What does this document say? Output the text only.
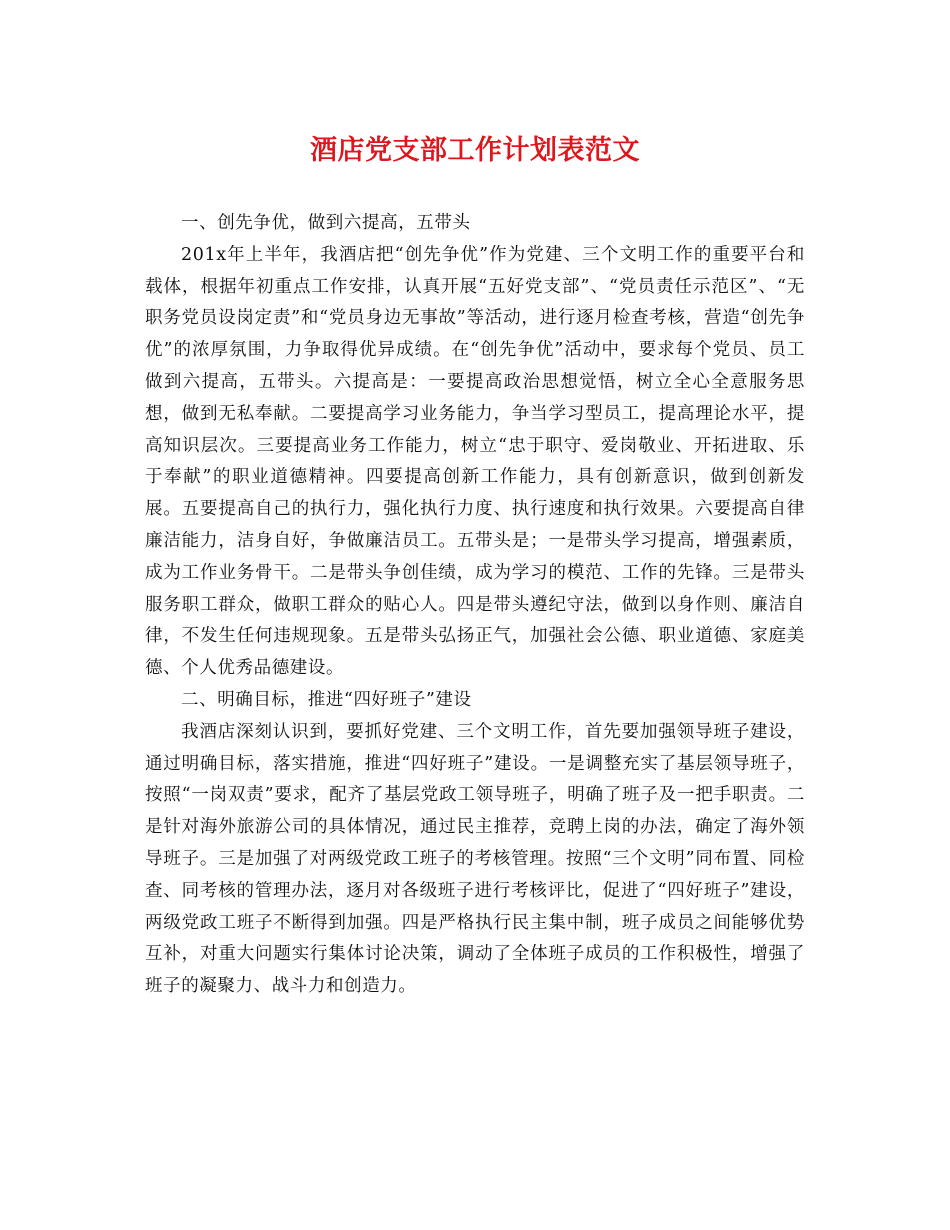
酒店党支部工作计划表范文

一、创先争优，做到六提高，五带头

201x年上半年，我酒店把“创先争优”作为党建、三个文明工作的重要平台和载体，根据年初重点工作安排，认真开展“五好党支部”、“党员责任示范区”、“无职务党员设岗定责”和“党员身边无事故”等活动，进行逐月检查考核，营造“创先争优”的浓厚氛围，力争取得优异成绩。在“创先争优”活动中，要求每个党员、员工做到六提高，五带头。六提高是：一要提高政治思想觉悟，树立全心全意服务思想，做到无私奉献。二要提高学习业务能力，争当学习型员工，提高理论水平，提高知识层次。三要提高业务工作能力，树立“忠于职守、爱岗敬业、开拓进取、乐于奉献”的职业道德精神。四要提高创新工作能力，具有创新意识，做到创新发展。五要提高自己的执行力，强化执行力度、执行速度和执行效果。六要提高自律廉洁能力，洁身自好，争做廉洁员工。五带头是；一是带头学习提高，增强素质，成为工作业务骨干。二是带头争创佳绩，成为学习的模范、工作的先锋。三是带头服务职工群众，做职工群众的贴心人。四是带头遵纪守法，做到以身作则、廉洁自律，不发生任何违规现象。五是带头弘扬正气，加强社会公德、职业道德、家庭美德、个人优秀品德建设。

二、明确目标，推进“四好班子”建设

我酒店深刻认识到，要抓好党建、三个文明工作，首先要加强领导班子建设，通过明确目标，落实措施，推进“四好班子”建设。一是调整充实了基层领导班子，按照“一岗双责”要求，配齐了基层党政工领导班子，明确了班子及一把手职责。二是针对海外旅游公司的具体情况，通过民主推荐，竞聘上岗的办法，确定了海外领导班子。三是加强了对两级党政工班子的考核管理。按照“三个文明”同布置、同检查、同考核的管理办法，逐月对各级班子进行考核评比，促进了“四好班子”建设，两级党政工班子不断得到加强。四是严格执行民主集中制，班子成员之间能够优势互补，对重大问题实行集体讨论决策，调动了全体班子成员的工作积极性，增强了班子的凝聚力、战斗力和创造力。
